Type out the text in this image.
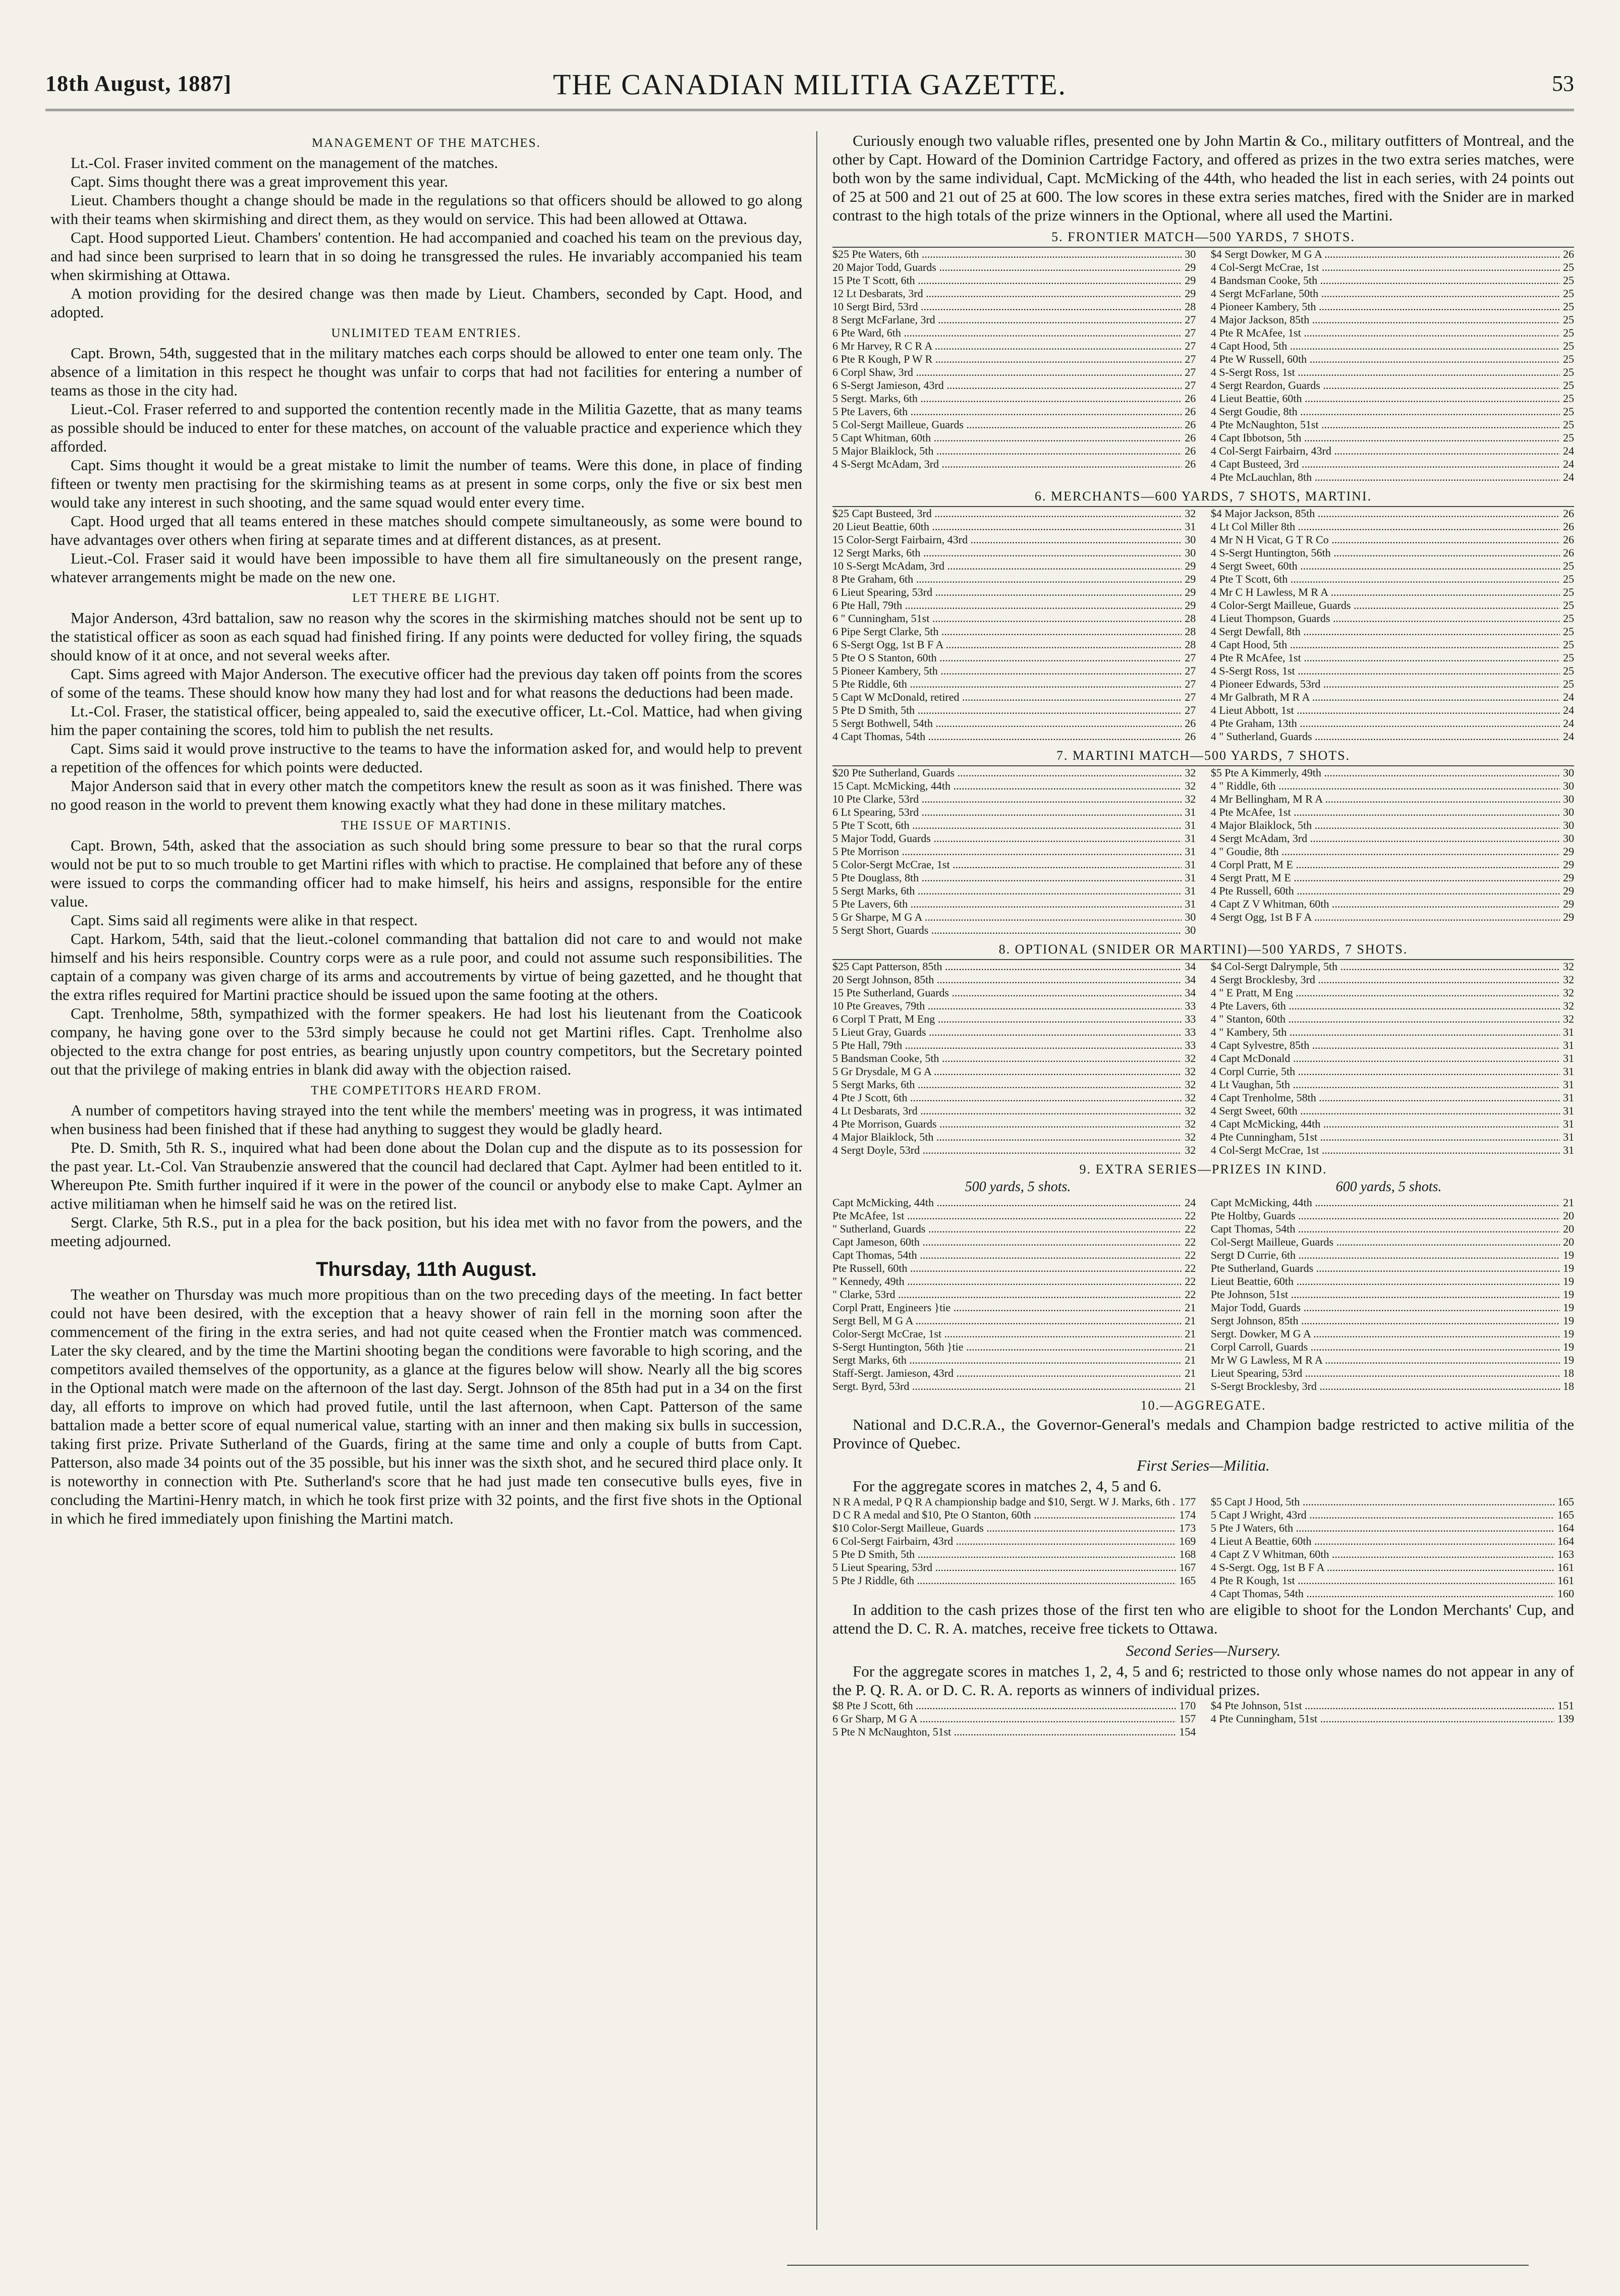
18th August, 1887]	THE CANADIAN MILITIA GAZETTE.	53
MANAGEMENT OF THE MATCHES.

Lt.-Col. Fraser invited comment on the management of the matches.

Capt. Sims thought there was a great improvement this year.

Lieut. Chambers thought a change should be made in the regulations so that officers should be allowed to go along with their teams when skirmishing and direct them, as they would on service. This had been allowed at Ottawa.

Capt. Hood supported Lieut. Chambers' contention. He had accompanied and coached his team on the previous day, and had since been surprised to learn that in so doing he transgressed the rules. He invariably accompanied his team when skirmishing at Ottawa.

A motion providing for the desired change was then made by Lieut. Chambers, seconded by Capt. Hood, and adopted.

UNLIMITED TEAM ENTRIES.

Capt. Brown, 54th, suggested that in the military matches each corps should be allowed to enter one team only. The absence of a limitation in this respect he thought was unfair to corps that had not facilities for entering a number of teams as those in the city had.

Lieut.-Col. Fraser referred to and supported the contention recently made in the Militia Gazette, that as many teams as possible should be induced to enter for these matches, on account of the valuable practice and experience which they afforded.

Capt. Sims thought it would be a great mistake to limit the number of teams. Were this done, in place of finding fifteen or twenty men practising for the skirmishing teams as at present in some corps, only the five or six best men would take any interest in such shooting, and the same squad would enter every time.

Capt. Hood urged that all teams entered in these matches should compete simultaneously, as some were bound to have advantages over others when firing at separate times and at different distances, as at present.

Lieut.-Col. Fraser said it would have been impossible to have them all fire simultaneously on the present range, whatever arrangements might be made on the new one.

LET THERE BE LIGHT.

Major Anderson, 43rd battalion, saw no reason why the scores in the skirmishing matches should not be sent up to the statistical officer as soon as each squad had finished firing. If any points were deducted for volley firing, the squads should know of it at once, and not several weeks after.

Capt. Sims agreed with Major Anderson. The executive officer had the previous day taken off points from the scores of some of the teams. These should know how many they had lost and for what reasons the deductions had been made.

Lt.-Col. Fraser, the statistical officer, being appealed to, said the executive officer, Lt.-Col. Mattice, had when giving him the paper containing the scores, told him to publish the net results.

Capt. Sims said it would prove instructive to the teams to have the information asked for, and would help to prevent a repetition of the offences for which points were deducted.

Major Anderson said that in every other match the competitors knew the result as soon as it was finished. There was no good reason in the world to prevent them knowing exactly what they had done in these military matches.

THE ISSUE OF MARTINIS.

Capt. Brown, 54th, asked that the association as such should bring some pressure to bear so that the rural corps would not be put to so much trouble to get Martini rifles with which to practise. He complained that before any of these were issued to corps the commanding officer had to make himself, his heirs and assigns, responsible for the entire value.

Capt. Sims said all regiments were alike in that respect.

Capt. Harkom, 54th, said that the lieut.-colonel commanding that battalion did not care to and would not make himself and his heirs responsible. Country corps were as a rule poor, and could not assume such responsibilities. The captain of a company was given charge of its arms and accoutrements by virtue of being gazetted, and he thought that the extra rifles required for Martini practice should be issued upon the same footing at the others.

Capt. Trenholme, 58th, sympathized with the former speakers. He had lost his lieutenant from the Coaticook company, he having gone over to the 53rd simply because he could not get Martini rifles. Capt. Trenholme also objected to the extra change for post entries, as bearing unjustly upon country competitors, but the Secretary pointed out that the privilege of making entries in blank did away with the objection raised.

THE COMPETITORS HEARD FROM.

A number of competitors having strayed into the tent while the members' meeting was in progress, it was intimated when business had been finished that if these had anything to suggest they would be gladly heard.

Pte. D. Smith, 5th R. S., inquired what had been done about the Dolan cup and the dispute as to its possession for the past year. Lt.-Col. Van Straubenzie answered that the council had declared that Capt. Aylmer had been entitled to it. Whereupon Pte. Smith further inquired if it were in the power of the council or anybody else to make Capt. Aylmer an active militiaman when he himself said he was on the retired list.

Sergt. Clarke, 5th R.S., put in a plea for the back position, but his idea met with no favor from the powers, and the meeting adjourned.

Thursday, 11th August.

The weather on Thursday was much more propitious than on the two preceding days of the meeting. In fact better could not have been desired, with the exception that a heavy shower of rain fell in the morning soon after the commencement of the firing in the extra series, and had not quite ceased when the Frontier match was commenced. Later the sky cleared, and by the time the Martini shooting began the conditions were favorable to high scoring, and the competitors availed themselves of the opportunity, as a glance at the figures below will show. Nearly all the big scores in the Optional match were made on the afternoon of the last day. Sergt. Johnson of the 85th had put in a 34 on the first day, all efforts to improve on which had proved futile, until the last afternoon, when Capt. Patterson of the same battalion made a better score of equal numerical value, starting with an inner and then making six bulls in succession, taking first prize. Private Sutherland of the Guards, firing at the same time and only a couple of butts from Capt. Patterson, also made 34 points out of the 35 possible, but his inner was the sixth shot, and he secured third place only. It is noteworthy in connection with Pte. Sutherland's score that he had just made ten consecutive bulls eyes, five in concluding the Martini-Henry match, in which he took first prize with 32 points, and the first five shots in the Optional in which he fired immediately upon finishing the Martini match.

Curiously enough two valuable rifles, presented one by John Martin & Co., military outfitters of Montreal, and the other by Capt. Howard of the Dominion Cartridge Factory, and offered as prizes in the two extra series matches, were both won by the same individual, Capt. McMicking of the 44th, who headed the list in each series, with 24 points out of 25 at 500 and 21 out of 25 at 600. The low scores in these extra series matches, fired with the Snider are in marked contrast to the high totals of the prize winners in the Optional, where all used the Martini.

5. FRONTIER MATCH—500 YARDS, 7 SHOTS.
$25 Pte Waters, 6th .....	30
20 Major Todd, Guards .....	29
15 Pte T Scott, 6th .....	29
12 Lt Desbarats, 3rd .....	29
10 Sergt Bird, 53rd .....	28
8 Sergt McFarlane, 3rd .....	27
6 Pte Ward, 6th .....	27
6 Mr Harvey, R C R A .....	27
6 Pte R Kough, P W R .....	27
6 Corpl Shaw, 3rd .....	27
6 S-Sergt Jamieson, 43rd .....	27
5 Sergt. Marks, 6th .....	26
5 Pte Lavers, 6th .....	26
5 Col-Sergt Mailleue, Guards .....	26
5 Capt Whitman, 60th .....	26
5 Major Blaiklock, 5th .....	26
4 S-Sergt McAdam, 3rd .....	26
$4 Sergt Dowker, M G A .....	26
4 Col-Sergt McCrae, 1st .....	25
4 Bandsman Cooke, 5th .....	25
4 Sergt McFarlane, 50th .....	25
4 Pioneer Kambery, 5th .....	25
4 Major Jackson, 85th .....	25
4 Pte R McAfee, 1st .....	25
4 Capt Hood, 5th .....	25
4 Pte W Russell, 60th .....	25
4 S-Sergt Ross, 1st .....	25
4 Sergt Reardon, Guards .....	25
4 Lieut Beattie, 60th .....	25
4 Sergt Goudie, 8th .....	25
4 Pte McNaughton, 51st .....	25
4 Capt Ibbotson, 5th .....	25
4 Col-Sergt Fairbairn, 43rd .....	24
4 Capt Busteed, 3rd .....	24
4 Pte McLauchlan, 8th .....	24
6. MERCHANTS—600 YARDS, 7 SHOTS, MARTINI.
$25 Capt Busteed, 3rd .....	32
20 Lieut Beattie, 60th .....	31
15 Color-Sergt Fairbairn, 43rd .....	30
12 Sergt Marks, 6th .....	30
10 S-Sergt McAdam, 3rd .....	29
8 Pte Graham, 6th .....	29
6 Lieut Spearing, 53rd .....	29
6 Pte Hall, 79th .....	29
6 " Cunningham, 51st .....	28
6 Pipe Sergt Clarke, 5th .....	28
6 S-Sergt Ogg, 1st B F A .....	28
5 Pte O S Stanton, 60th .....	27
5 Pioneer Kambery, 5th .....	27
5 Pte Riddle, 6th .....	27
5 Capt W McDonald, retired .....	27
5 Pte D Smith, 5th .....	27
5 Sergt Bothwell, 54th .....	26
4 Capt Thomas, 54th .....	26
$4 Major Jackson, 85th .....	26
4 Lt Col Miller 8th .....	26
4 Mr N H Vicat, G T R Co .....	26
4 S-Sergt Huntington, 56th .....	26
4 Sergt Sweet, 60th .....	25
4 Pte T Scott, 6th .....	25
4 Mr C H Lawless, M R A .....	25
4 Color-Sergt Mailleue, Guards .....	25
4 Lieut Thompson, Guards .....	25
4 Sergt Dewfall, 8th .....	25
4 Capt Hood, 5th .....	25
4 Pte R McAfee, 1st .....	25
4 S-Sergt Ross, 1st .....	25
4 Pioneer Edwards, 53rd .....	25
4 Mr Galbrath, M R A .....	24
4 Lieut Abbott, 1st .....	24
4 Pte Graham, 13th .....	24
4 " Sutherland, Guards .....	24
7. MARTINI MATCH—500 YARDS, 7 SHOTS.
$20 Pte Sutherland, Guards .....	32
15 Capt. McMicking, 44th .....	32
10 Pte Clarke, 53rd .....	32
6 Lt Spearing, 53rd .....	31
5 Pte T Scott, 6th .....	31
5 Major Todd, Guards .....	31
5 Pte Morrison .....	31
5 Color-Sergt McCrae, 1st .....	31
5 Pte Douglass, 8th .....	31
5 Sergt Marks, 6th .....	31
5 Pte Lavers, 6th .....	31
5 Gr Sharpe, M G A .....	30
5 Sergt Short, Guards .....	30
$5 Pte A Kimmerly, 49th .....	30
4 " Riddle, 6th .....	30
4 Mr Bellingham, M R A .....	30
4 Pte McAfee, 1st .....	30
4 Major Blaiklock, 5th .....	30
4 Sergt McAdam, 3rd .....	30
4 " Goudie, 8th .....	29
4 Corpl Pratt, M E .....	29
4 Sergt Pratt, M E .....	29
4 Pte Russell, 60th .....	29
4 Capt Z V Whitman, 60th .....	29
4 Sergt Ogg, 1st B F A .....	29
8. OPTIONAL (SNIDER OR MARTINI)—500 YARDS, 7 SHOTS.
$25 Capt Patterson, 85th .....	34
20 Sergt Johnson, 85th .....	34
15 Pte Sutherland, Guards .....	34
10 Pte Greaves, 79th .....	33
6 Corpl T Pratt, M Eng .....	33
5 Lieut Gray, Guards .....	33
5 Pte Hall, 79th .....	33
5 Bandsman Cooke, 5th .....	32
5 Gr Drysdale, M G A .....	32
5 Sergt Marks, 6th .....	32
4 Pte J Scott, 6th .....	32
4 Lt Desbarats, 3rd .....	32
4 Pte Morrison, Guards .....	32
4 Major Blaiklock, 5th .....	32
4 Sergt Doyle, 53rd .....	32
$4 Col-Sergt Dalrymple, 5th .....	32
4 Sergt Brocklesby, 3rd .....	32
4 " E Pratt, M Eng .....	32
4 Pte Lavers, 6th .....	32
4 " Stanton, 60th .....	32
4 " Kambery, 5th .....	31
4 Capt Sylvestre, 85th .....	31
4 Capt McDonald .....	31
4 Corpl Currie, 5th .....	31
4 Lt Vaughan, 5th .....	31
4 Capt Trenholme, 58th .....	31
4 Sergt Sweet, 60th .....	31
4 Capt McMicking, 44th .....	31
4 Pte Cunningham, 51st .....	31
4 Col-Sergt McCrae, 1st .....	31
9. EXTRA SERIES—PRIZES IN KIND.
500 yards, 5 shots.	600 yards, 5 shots.
Capt McMicking, 44th .....	24
Pte McAfee, 1st .....	22
" Sutherland, Guards .....	22
Capt Jameson, 60th .....	22
Capt Thomas, 54th .....	22
Pte Russell, 60th .....	22
" Kennedy, 49th .....	22
" Clarke, 53rd .....	22
Corpl Pratt, Engineers }tie .....	21
Sergt Bell, M G A .....	21
Color-Sergt McCrae, 1st .....	21
S-Sergt Huntington, 56th }tie .....	21
Sergt Marks, 6th .....	21
Staff-Sergt. Jamieson, 43rd .....	21
Sergt. Byrd, 53rd .....	21
Capt McMicking, 44th .....	21
Pte Holtby, Guards .....	20
Capt Thomas, 54th .....	20
Col-Sergt Mailleue, Guards .....	20
Sergt D Currie, 6th .....	19
Pte Sutherland, Guards .....	19
Lieut Beattie, 60th .....	19
Pte Johnson, 51st .....	19
Major Todd, Guards .....	19
Sergt Johnson, 85th .....	19
Sergt. Dowker, M G A .....	19
Corpl Carroll, Guards .....	19
Mr W G Lawless, M R A .....	19
Lieut Spearing, 53rd .....	18
S-Sergt Brocklesby, 3rd .....	18
10.—AGGREGATE.

National and D.C.R.A., the Governor-General's medals and Champion badge restricted to active militia of the Province of Quebec.

First Series—Militia.

For the aggregate scores in matches 2, 4, 5 and 6.

N R A medal, P Q R A championship badge and $10, Sergt. W J. Marks, 6th ..... 177
D C R A medal and $10, Pte O Stanton, 60th .....	174
$10 Color-Sergt Mailleue, Guards .....	173
6 Col-Sergt Fairbairn, 43rd .....	169
5 Pte D Smith, 5th .....	168
5 Lieut Spearing, 53rd .....	167
5 Pte J Riddle, 6th .....	165
$5 Capt J Hood, 5th .....	165
5 Capt J Wright, 43rd .....	165
5 Pte J Waters, 6th .....	164
4 Lieut A Beattie, 60th .....	164
4 Capt Z V Whitman, 60th .....	163
4 S-Sergt. Ogg, 1st B F A .....	161
4 Pte R Kough, 1st .....	161
4 Capt Thomas, 54th .....	160

In addition to the cash prizes those of the first ten who are eligible to shoot for the London Merchants' Cup, and attend the D. C. R. A. matches, receive free tickets to Ottawa.

Second Series—Nursery.

For the aggregate scores in matches 1, 2, 4, 5 and 6; restricted to those only whose names do not appear in any of the P. Q. R. A. or D. C. R. A. reports as winners of individual prizes.

$8 Pte J Scott, 6th .....	170
6 Gr Sharp, M G A .....	157
5 Pte N McNaughton, 51st .....	154
$4 Pte Johnson, 51st .....	151
4 Pte Cunningham, 51st .....	139
